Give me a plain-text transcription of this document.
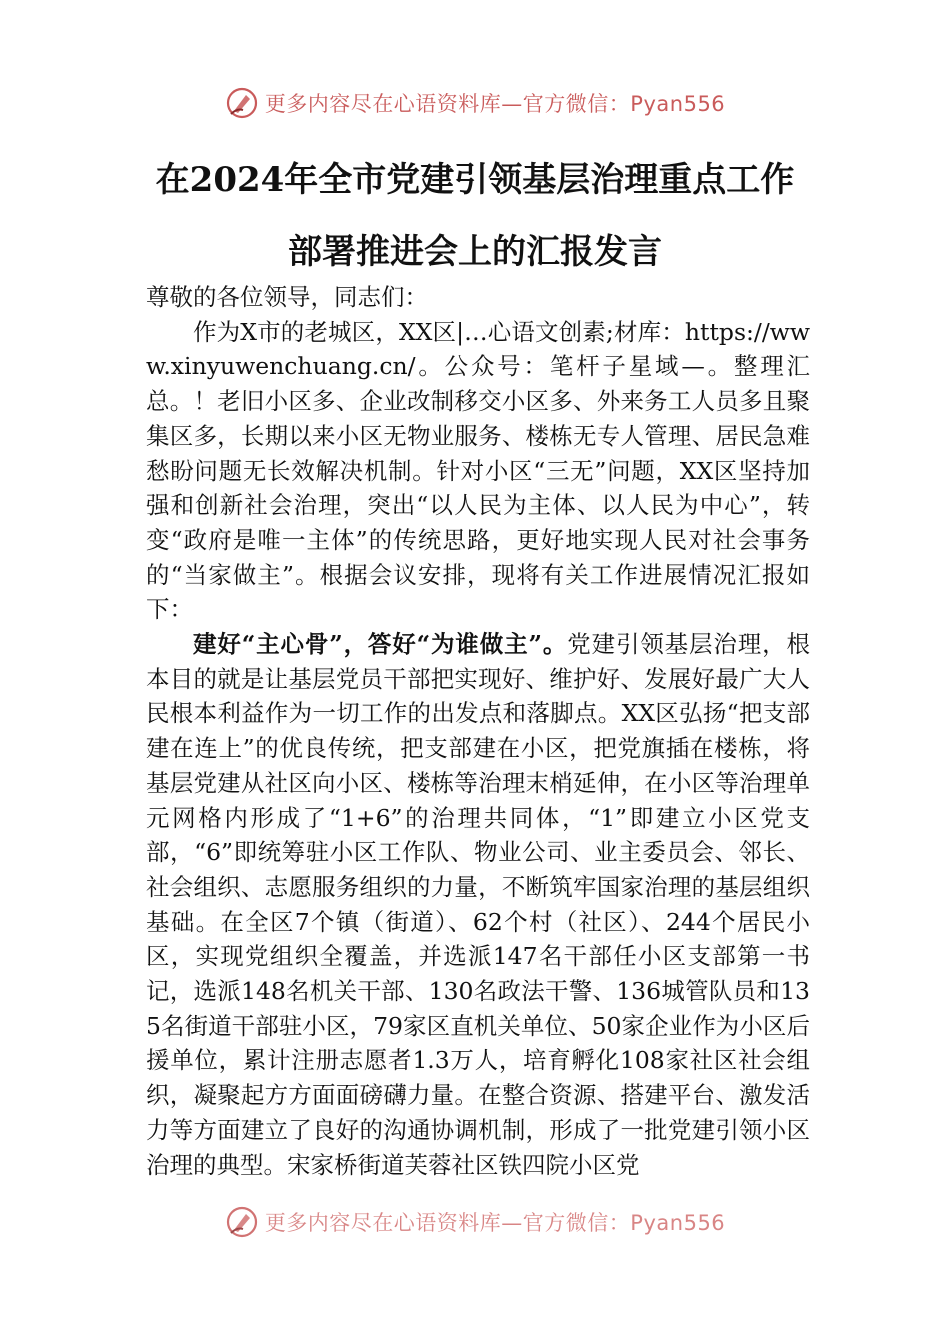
更多内容尽在心语资料库—官方微信：Pyan556
在2024年全市党建引领基层治理重点工作
部署推进会上的汇报发言

尊敬的各位领导，同志们：

作为X市的老城区，XX区|…心语文创素;材库：https://www.xinyuwenchuang.cn/。公众号：笔杆子星域—。整理汇总。！老旧小区多、企业改制移交小区多、外来务工人员多且聚集区多，长期以来小区无物业服务、楼栋无专人管理、居民急难愁盼问题无长效解决机制。针对小区“三无”问题，XX区坚持加强和创新社会治理，突出“以人民为主体、以人民为中心”，转变“政府是唯一主体”的传统思路，更好地实现人民对社会事务的“当家做主”。根据会议安排，现将有关工作进展情况汇报如下：

建好“主心骨”，答好“为谁做主”。党建引领基层治理，根本目的就是让基层党员干部把实现好、维护好、发展好最广大人民根本利益作为一切工作的出发点和落脚点。XX区弘扬“把支部建在连上”的优良传统，把支部建在小区，把党旗插在楼栋，将基层党建从社区向小区、楼栋等治理末梢延伸，在小区等治理单元网格内形成了“1+6”的治理共同体，“1”即建立小区党支部，“6”即统筹驻小区工作队、物业公司、业主委员会、邻长、社会组织、志愿服务组织的力量，不断筑牢国家治理的基层组织基础。在全区7个镇（街道）、62个村（社区）、244个居民小区，实现党组织全覆盖，并选派147名干部任小区支部第一书记，选派148名机关干部、130名政法干警、136城管队员和135名街道干部驻小区，79家区直机关单位、50家企业作为小区后援单位，累计注册志愿者1.3万人，培育孵化108家社区社会组织，凝聚起方方面面磅礴力量。在整合资源、搭建平台、激发活力等方面建立了良好的沟通协调机制，形成了一批党建引领小区治理的典型。宋家桥街道芙蓉社区铁四院小区党

更多内容尽在心语资料库—官方微信：Pyan556
